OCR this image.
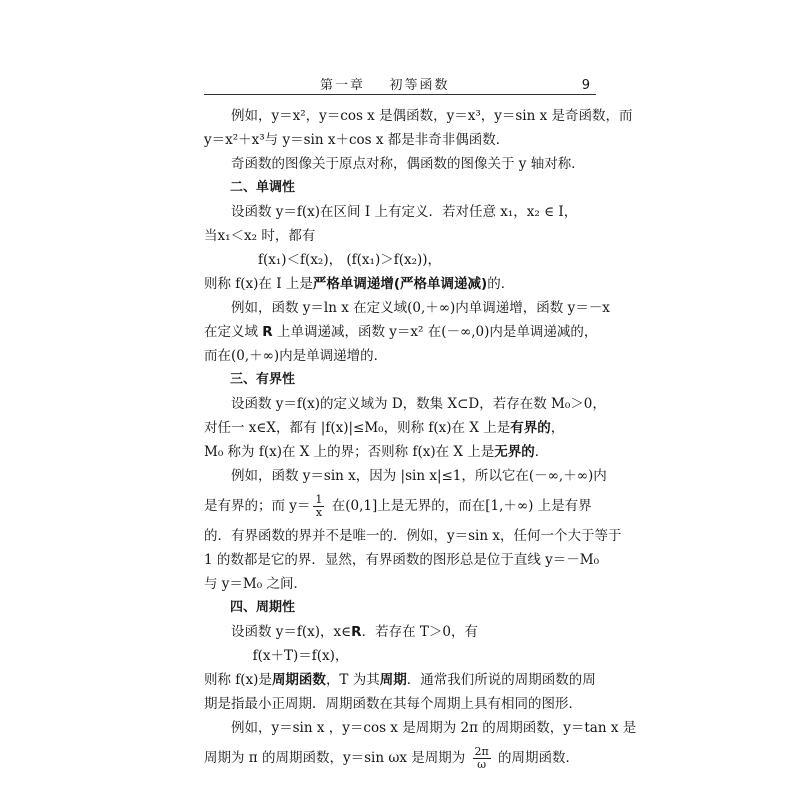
第一章    初等函数	9

例如，y＝x²，y＝cos x 是偶函数，y＝x³，y＝sin x 是奇函数，而

y＝x²＋x³与 y＝sin x＋cos x 都是非奇非偶函数．

奇函数的图像关于原点对称，偶函数的图像关于 y 轴对称．

二、单调性

设函数 y＝f(x)在区间 I 上有定义．若对任意 x₁，x₂ ∈ I，

当x₁＜x₂ 时，都有

f(x₁)＜f(x₂)， (f(x₁)＞f(x₂))，

则称 f(x)在 I 上是严格单调递增(严格单调递减)的．

例如，函数 y＝ln x 在定义域(0,＋∞)内单调递增，函数 y＝－x

在定义域 R 上单调递减，函数 y＝x² 在(－∞,0)内是单调递减的，

而在(0,＋∞)内是单调递增的．

三、有界性

设函数 y＝f(x)的定义域为 D，数集 X⊂D，若存在数 M₀＞0，

对任一 x∈X，都有 |f(x)|≤M₀，则称 f(x)在 X 上是有界的，

M₀ 称为 f(x)在 X 上的界；否则称 f(x)在 X 上是无界的．

例如，函数 y＝sin x，因为 |sin x|≤1，所以它在(－∞,＋∞)内

是有界的；而 $y= \frac{1}{x}$ 在(0,1]上是无界的，而在[1,＋∞) 上是有界

的．有界函数的界并不是唯一的．例如，y＝sin x，任何一个大于等于

1 的数都是它的界．显然，有界函数的图形总是位于直线 y＝－M₀

与 y＝M₀ 之间．

四、周期性

设函数 y＝f(x)，x∈R．若存在 T＞0，有

f(x＋T)＝f(x)，

则称 f(x)是周期函数，T 为其周期．通常我们所说的周期函数的周

期是指最小正周期．周期函数在其每个周期上具有相同的图形．

例如，y＝sin x ，y＝cos x 是周期为 2π 的周期函数，y＝tan x 是

周期为 π 的周期函数，y＝sin ωx 是周期为 $\frac{2\pi}{\omega}$ 的周期函数．
